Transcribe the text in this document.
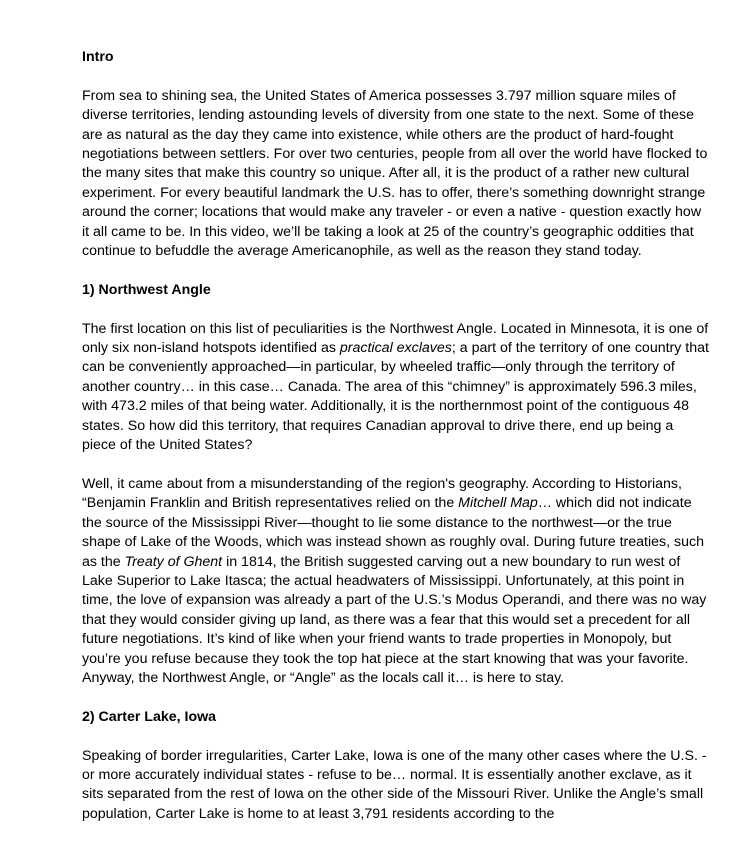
Intro

From sea to shining sea, the United States of America possesses 3.797 million square miles of diverse territories, lending astounding levels of diversity from one state to the next. Some of these are as natural as the day they came into existence, while others are the product of hard-fought negotiations between settlers. For over two centuries, people from all over the world have flocked to the many sites that make this country so unique. After all, it is the product of a rather new cultural experiment. For every beautiful landmark the U.S. has to offer, there’s something downright strange around the corner; locations that would make any traveler - or even a native - question exactly how it all came to be. In this video, we’ll be taking a look at 25 of the country’s geographic oddities that continue to befuddle the average Americanophile, as well as the reason they stand today.

1) Northwest Angle

The first location on this list of peculiarities is the Northwest Angle. Located in Minnesota, it is one of only six non-island hotspots identified as practical exclaves; a part of the territory of one country that can be conveniently approached—in particular, by wheeled traffic—only through the territory of another country… in this case… Canada. The area of this “chimney” is approximately 596.3 miles, with 473.2 miles of that being water. Additionally, it is the northernmost point of the contiguous 48 states. So how did this territory, that requires Canadian approval to drive there, end up being a piece of the United States?

Well, it came about from a misunderstanding of the region's geography. According to Historians, “Benjamin Franklin and British representatives relied on the Mitchell Map… which did not indicate the source of the Mississippi River—thought to lie some distance to the northwest—or the true shape of Lake of the Woods, which was instead shown as roughly oval. During future treaties, such as the Treaty of Ghent in 1814, the British suggested carving out a new boundary to run west of Lake Superior to Lake Itasca; the actual headwaters of Mississippi. Unfortunately, at this point in time, the love of expansion was already a part of the U.S.’s Modus Operandi, and there was no way that they would consider giving up land, as there was a fear that this would set a precedent for all future negotiations. It’s kind of like when your friend wants to trade properties in Monopoly, but you’re you refuse because they took the top hat piece at the start knowing that was your favorite. Anyway, the Northwest Angle, or “Angle” as the locals call it… is here to stay.

2) Carter Lake, Iowa

Speaking of border irregularities, Carter Lake, Iowa is one of the many other cases where the U.S. - or more accurately individual states - refuse to be… normal. It is essentially another exclave, as it sits separated from the rest of Iowa on the other side of the Missouri River. Unlike the Angle’s small population, Carter Lake is home to at least 3,791 residents according to the
